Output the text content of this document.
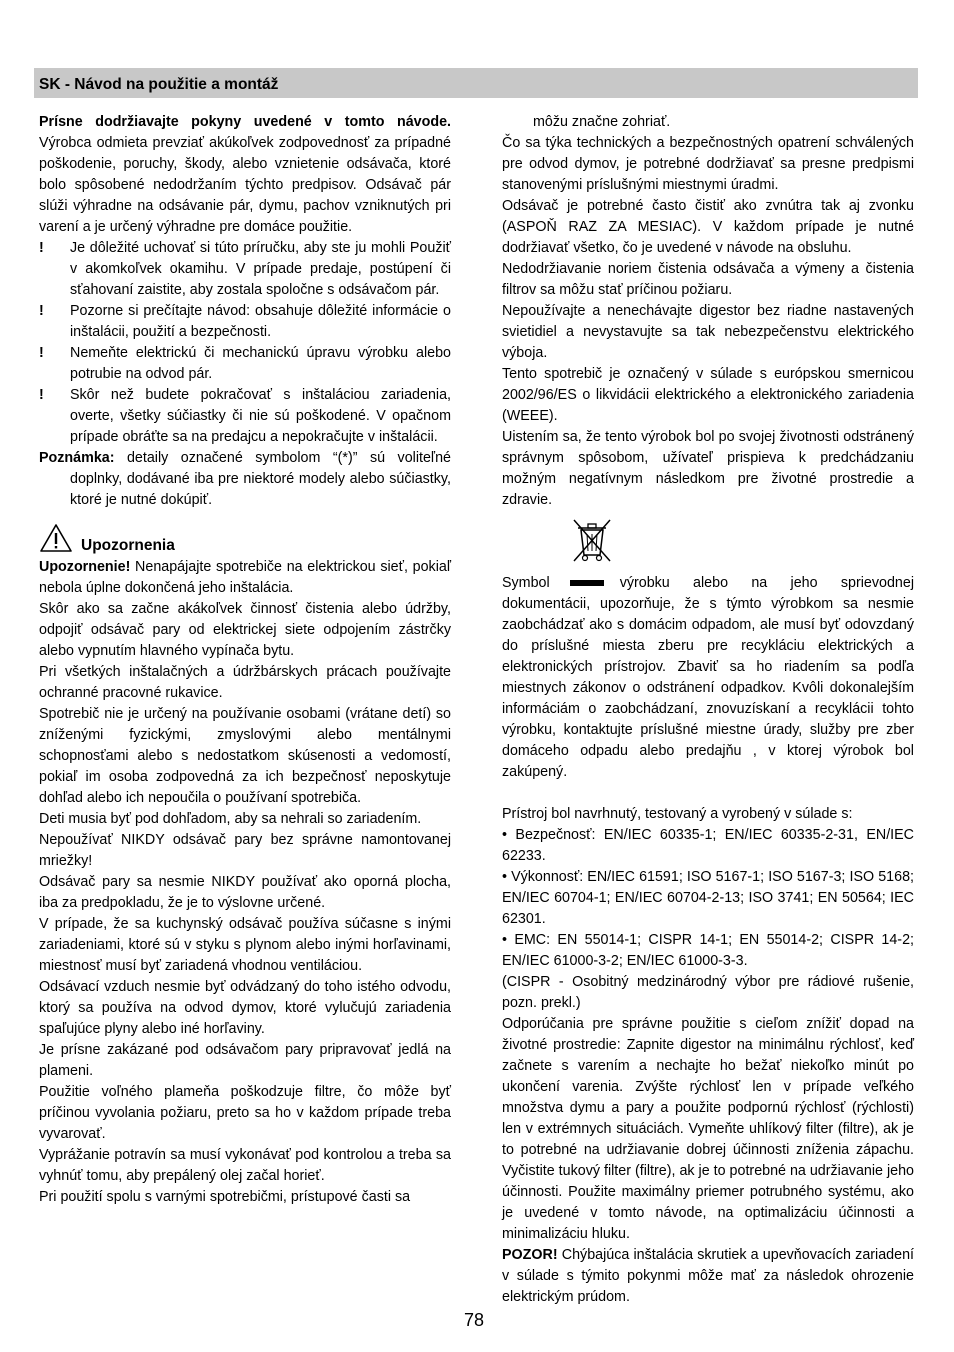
SK - Návod na použitie a montáž

Prísne dodržiavajte pokyny uvedené v tomto návode. Výrobca odmieta prevziať akúkoľvek zodpovednosť za prípadné poškodenie, poruchy, škody, alebo vznietenie odsávača, ktoré bolo spôsobené nedodržaním týchto predpisov. Odsávač pár slúži výhradne na odsávanie pár, dymu, pachov vzniknutých pri varení a je určený výhradne pre domáce použitie.

!	Je dôležité uchovať si túto príručku, aby ste ju mohli Použiť v akomkoľvek okamihu. V prípade predaje, postúpení či sťahovaní zaistite, aby zostala spoločne s odsávačom pár.
!	Pozorne si prečítajte návod: obsahuje dôležité informácie o inštalácii, použití a bezpečnosti.
!	Nemeňte elektrickú či mechanickú úpravu výrobku alebo potrubie na odvod pár.
!	Skôr než budete pokračovať s inštaláciou zariadenia, overte, všetky súčiastky či nie sú poškodené. V opačnom prípade obráťte sa na predajcu a nepokračujte v inštalácii.

Poznámka: detaily označené symbolom “(*)” sú voliteľné doplnky, dodávané iba pre niektoré modely alebo súčiastky, ktoré je nutné dokúpiť.

Upozornenia

Upozornenie! Nenapájajte spotrebiče na elektrickou sieť, pokiaľ nebola úplne dokončená jeho inštalácia.

Skôr ako sa začne akákoľvek činnosť čistenia alebo údržby, odpojiť odsávač pary od elektrickej siete odpojením zástrčky alebo vypnutím hlavného vypínača bytu.

Pri všetkých inštalačných a údržbárskych prácach používajte ochranné pracovné rukavice.

Spotrebič nie je určený na používanie osobami (vrátane detí) so zníženými fyzickými, zmyslovými alebo mentálnymi schopnosťami alebo s nedostatkom skúsenosti a vedomostí, pokiaľ im osoba zodpovedná za ich bezpečnosť neposkytuje dohľad alebo ich nepoučila o používaní spotrebiča.

Deti musia byť pod dohľadom, aby sa nehrali so zariadením.

Nepoužívať NIKDY odsávač pary bez správne namontovanej mriežky!

Odsávač pary sa nesmie NIKDY používať ako oporná plocha, iba za predpokladu, že je to výslovne určené.

V prípade, že sa kuchynský odsávač používa súčasne s inými zariadeniami, ktoré sú v styku s plynom alebo inými horľavinami, miestnosť musí byť zariadená vhodnou ventiláciou.

Odsávací vzduch nesmie byť odvádzaný do toho istého odvodu, ktorý sa používa na odvod dymov, ktoré vylučujú zariadenia spaľujúce plyny alebo iné horľaviny.

Je prísne zakázané pod odsávačom pary pripravovať jedlá na plameni.

Použitie voľného plameňa poškodzuje filtre, čo môže byť príčinou vyvolania požiaru, preto sa ho v každom prípade treba vyvarovať.

Vyprážanie potravín sa musí vykonávať pod kontrolou a treba sa vyhnúť tomu, aby prepálený olej začal horieť.

Pri použití spolu s varnými spotrebičmi, prístupové časti sa

môžu značne zohriať.

Čo sa týka technických a bezpečnostných opatrení schválených pre odvod dymov, je potrebné dodržiavať sa presne predpismi stanovenými príslušnými miestnymi úradmi.

Odsávač je potrebné často čistiť ako zvnútra tak aj zvonku (ASPOŇ RAZ ZA MESIAC). V každom prípade je nutné dodržiavať všetko, čo je uvedené v návode na obsluhu.

Nedodržiavanie noriem čistenia odsávača a výmeny a čistenia filtrov sa môžu stať príčinou požiaru.

Nepoužívajte a nenechávajte digestor bez riadne nastavených svietidiel a nevystavujte sa tak nebezpečenstvu elektrického výboja.

Tento spotrebič je označený v súlade s európskou smernicou 2002/96/ES o likvidácii elektrického a elektronického zariadenia (WEEE).

Uistením sa, že tento výrobok bol po svojej životnosti odstránený správnym spôsobom, užívateľ prispieva k predchádzaniu možným negatívnym následkom pre životné prostredie a zdravie.

Symbol	výrobku alebo na jeho sprievodnej dokumentácii, upozorňuje, že s týmto výrobkom sa nesmie zaobchádzať ako s domácim odpadom, ale musí byť odovzdaný do príslušné miesta zberu pre recykláciu elektrických a elektronických prístrojov. Zbaviť sa ho riadením sa podľa miestnych zákonov o odstránení odpadkov. Kvôli dokonalejším informáciám o zaobchádzaní, znovuzískaní a recyklácii tohto výrobku, kontaktujte príslušné miestne úrady, služby pre zber domáceho odpadu alebo predajňu , v ktorej výrobok bol zakúpený.

Prístroj bol navrhnutý, testovaný a vyrobený v súlade s:

• Bezpečnosť: EN/IEC 60335-1; EN/IEC 60335-2-31, EN/IEC 62233.

• Výkonnosť: EN/IEC 61591; ISO 5167-1; ISO 5167-3; ISO 5168; EN/IEC 60704-1; EN/IEC 60704-2-13; ISO 3741; EN 50564; IEC 62301.

• EMC: EN 55014-1; CISPR 14-1; EN 55014-2; CISPR 14-2; EN/IEC 61000-3-2; EN/IEC 61000-3-3.

(CISPR - Osobitný medzinárodný výbor pre rádiové rušenie, pozn. prekl.)

Odporúčania pre správne použitie s cieľom znížiť dopad na životné prostredie: Zapnite digestor na minimálnu rýchlosť, keď začnete s varením a nechajte ho bežať niekoľko minút po ukončení varenia. Zvýšte rýchlosť len v prípade veľkého množstva dymu a pary a použite podpornú rýchlosť (rýchlosti) len v extrémnych situáciách. Vymeňte uhlíkový filter (filtre), ak je to potrebné na udržiavanie dobrej účinnosti zníženia zápachu. Vyčistite tukový filter (filtre), ak je to potrebné na udržiavanie jeho účinnosti. Použite maximálny priemer potrubného systému, ako je uvedené v tomto návode, na optimalizáciu účinnosti a minimalizáciu hluku.

POZOR! Chýbajúca inštalácia skrutiek a upevňovacích zariadení v súlade s týmito pokynmi môže mať za následok ohrozenie elektrickým prúdom.

78
